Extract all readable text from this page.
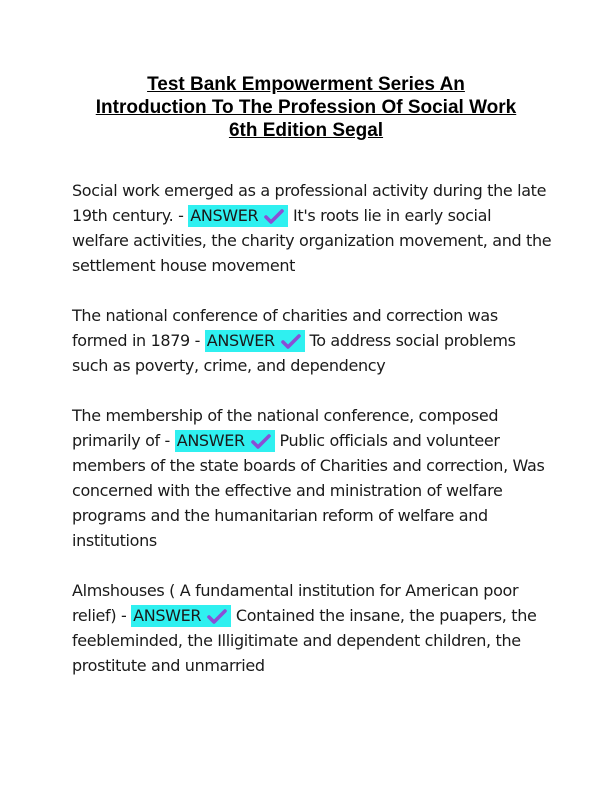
Test Bank Empowerment Series An
Introduction To The Profession Of Social Work
6th Edition Segal

Social work emerged as a professional activity during the late 19th century. - ANSWER It's roots lie in early social welfare activities, the charity organization movement, and the settlement house movement

The national conference of charities and correction was formed in 1879 - ANSWER To address social problems such as poverty, crime, and dependency

The membership of the national conference, composed primarily of - ANSWER Public officials and volunteer members of the state boards of Charities and correction, Was concerned with the effective and ministration of welfare programs and the humanitarian reform of welfare and institutions

Almshouses ( A fundamental institution for American poor relief) - ANSWER Contained the insane, the puapers, the feebleminded, the Illigitimate and dependent children, the prostitute and unmarried
